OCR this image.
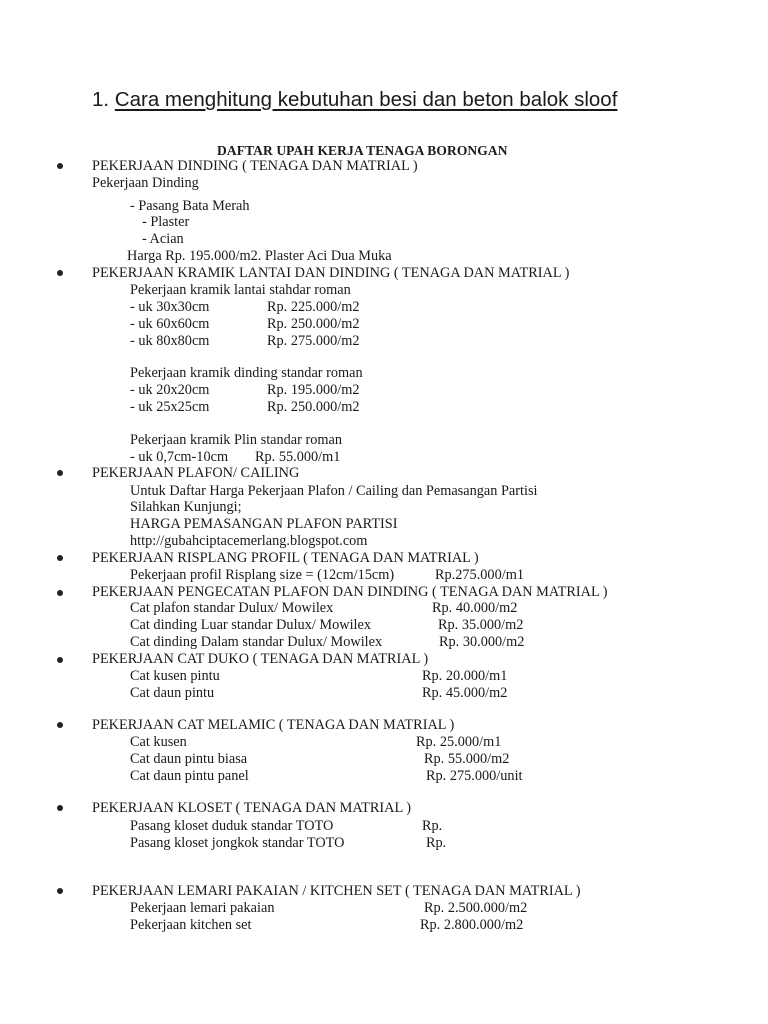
1. Cara menghitung kebutuhan besi dan beton balok sloof
DAFTAR UPAH KERJA TENAGA BORONGAN
PEKERJAAN DINDING ( TENAGA DAN MATRIAL )
Pekerjaan Dinding
- Pasang Bata Merah
- Plaster
- Acian
Harga Rp. 195.000/m2. Plaster Aci Dua Muka
PEKERJAAN KRAMIK LANTAI DAN DINDING ( TENAGA DAN MATRIAL )
Pekerjaan kramik lantai stahdar roman
- uk 30x30cm	Rp. 225.000/m2
- uk 60x60cm	Rp. 250.000/m2
- uk 80x80cm	Rp. 275.000/m2
Pekerjaan kramik dinding standar roman
- uk 20x20cm	Rp. 195.000/m2
- uk 25x25cm	Rp. 250.000/m2
Pekerjaan kramik Plin standar roman
- uk 0,7cm-10cm Rp. 55.000/m1
PEKERJAAN PLAFON/ CAILING
Untuk Daftar Harga Pekerjaan Plafon / Cailing dan Pemasangan Partisi
Silahkan Kunjungi;
HARGA PEMASANGAN PLAFON PARTISI
http://gubahciptacemerlang.blogspot.com
PEKERJAAN RISPLANG PROFIL ( TENAGA DAN MATRIAL )
Pekerjaan profil Risplang size = (12cm/15cm)	Rp.275.000/m1
PEKERJAAN PENGECATAN PLAFON DAN DINDING ( TENAGA DAN MATRIAL )
Cat plafon standar Dulux/ Mowilex	Rp. 40.000/m2
Cat dinding Luar standar Dulux/ Mowilex	Rp. 35.000/m2
Cat dinding Dalam standar Dulux/ Mowilex	Rp. 30.000/m2
PEKERJAAN CAT DUKO ( TENAGA DAN MATRIAL )
Cat kusen pintu	Rp. 20.000/m1
Cat daun pintu	Rp. 45.000/m2
PEKERJAAN CAT MELAMIC ( TENAGA DAN MATRIAL )
Cat kusen	Rp. 25.000/m1
Cat daun pintu biasa	Rp. 55.000/m2
Cat daun pintu panel	Rp. 275.000/unit
PEKERJAAN KLOSET ( TENAGA DAN MATRIAL )
Pasang kloset duduk standar TOTO	Rp.
Pasang kloset jongkok standar TOTO	Rp.
PEKERJAAN LEMARI PAKAIAN / KITCHEN SET ( TENAGA DAN MATRIAL )
Pekerjaan lemari pakaian	Rp. 2.500.000/m2
Pekerjaan kitchen set	Rp. 2.800.000/m2
